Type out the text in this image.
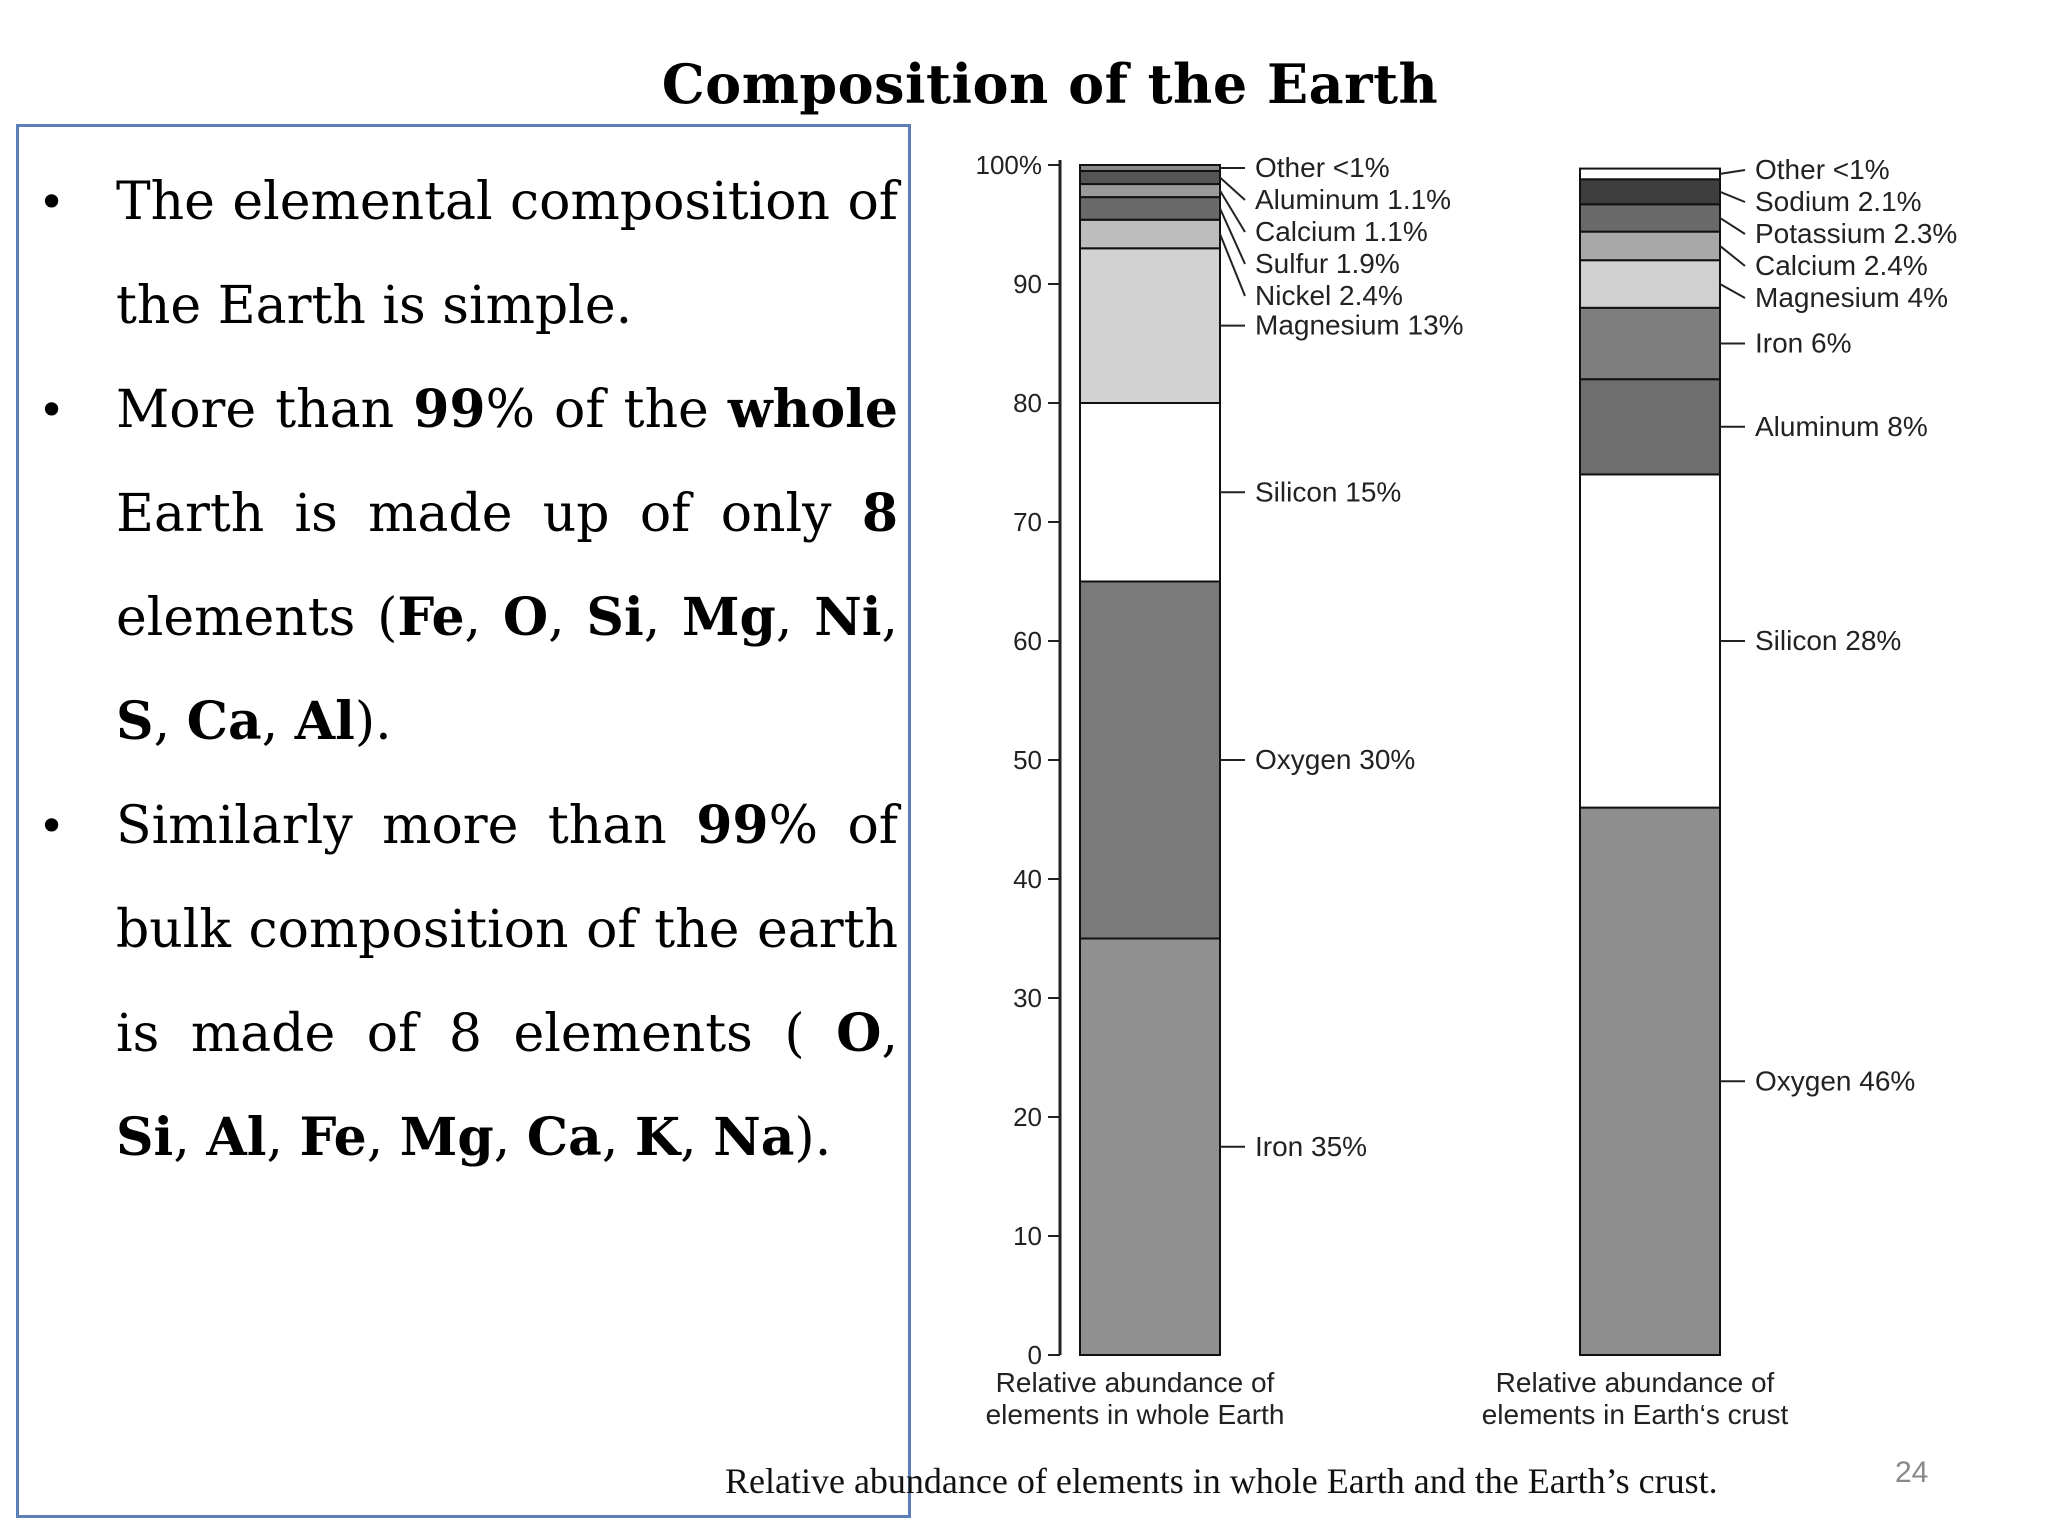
Composition of the Earth
• The elemental composition of the Earth is simple.
• More than 99% of the whole Earth is made up of only 8 elements (Fe, O, Si, Mg, Ni, S, Ca, Al).
• Similarly more than 99% of bulk composition of the earth is made of 8 elements ( O, Si, Al, Fe, Mg, Ca, K, Na).
0
10
20
30
40
50
60
70
80
90
100%
Iron 35%
Oxygen 30%
Silicon 15%
Magnesium 13%
Nickel 2.4%
Sulfur 1.9%
Calcium 1.1%
Aluminum 1.1%
Other <1%
Relative abundance of
elements in whole Earth
Oxygen 46%
Silicon 28%
Aluminum 8%
Iron 6%
Magnesium 4%
Calcium 2.4%
Potassium 2.3%
Sodium 2.1%
Other <1%
Relative abundance of
elements in Earth‘s crust
Relative abundance of elements in whole Earth and the Earth’s crust.	24
